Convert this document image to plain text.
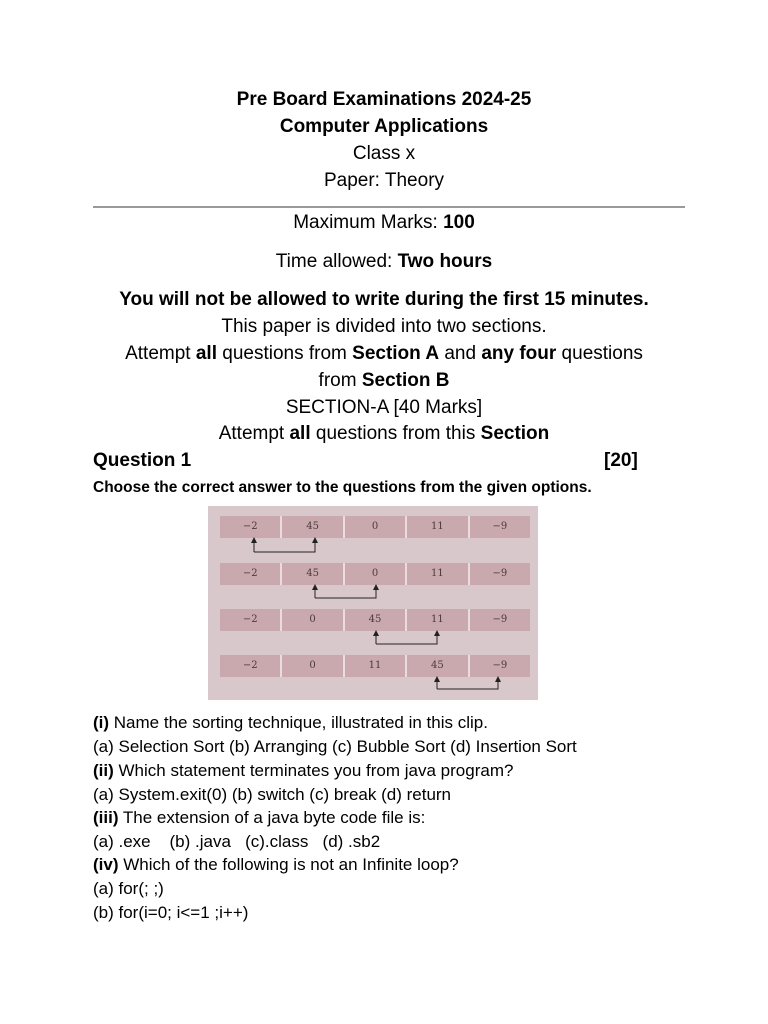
Pre Board Examinations 2024-25
Computer Applications
Class x
Paper: Theory
Maximum Marks: 100
Time allowed: Two hours
You will not be allowed to write during the first 15 minutes.
This paper is divided into two sections.
Attempt all questions from Section A and any four questions
from Section B
SECTION-A [40 Marks]
Attempt all questions from this Section
Question 1	[20]
Choose the correct answer to the questions from the given options.
−2	45	0	11	−9
−2	45	0	11	−9
−2	0	45	11	−9
−2	0	11	45	−9
(i) Name the sorting technique, illustrated in this clip.
(a) Selection Sort (b) Arranging (c) Bubble Sort (d) Insertion Sort
(ii) Which statement terminates you from java program?
(a) System.exit(0) (b) switch (c) break (d) return
(iii) The extension of a java byte code file is:
(a) .exe    (b) .java   (c).class   (d) .sb2
(iv) Which of the following is not an Infinite loop?
(a) for(; ;)
(b) for(i=0; i<=1 ;i++)
